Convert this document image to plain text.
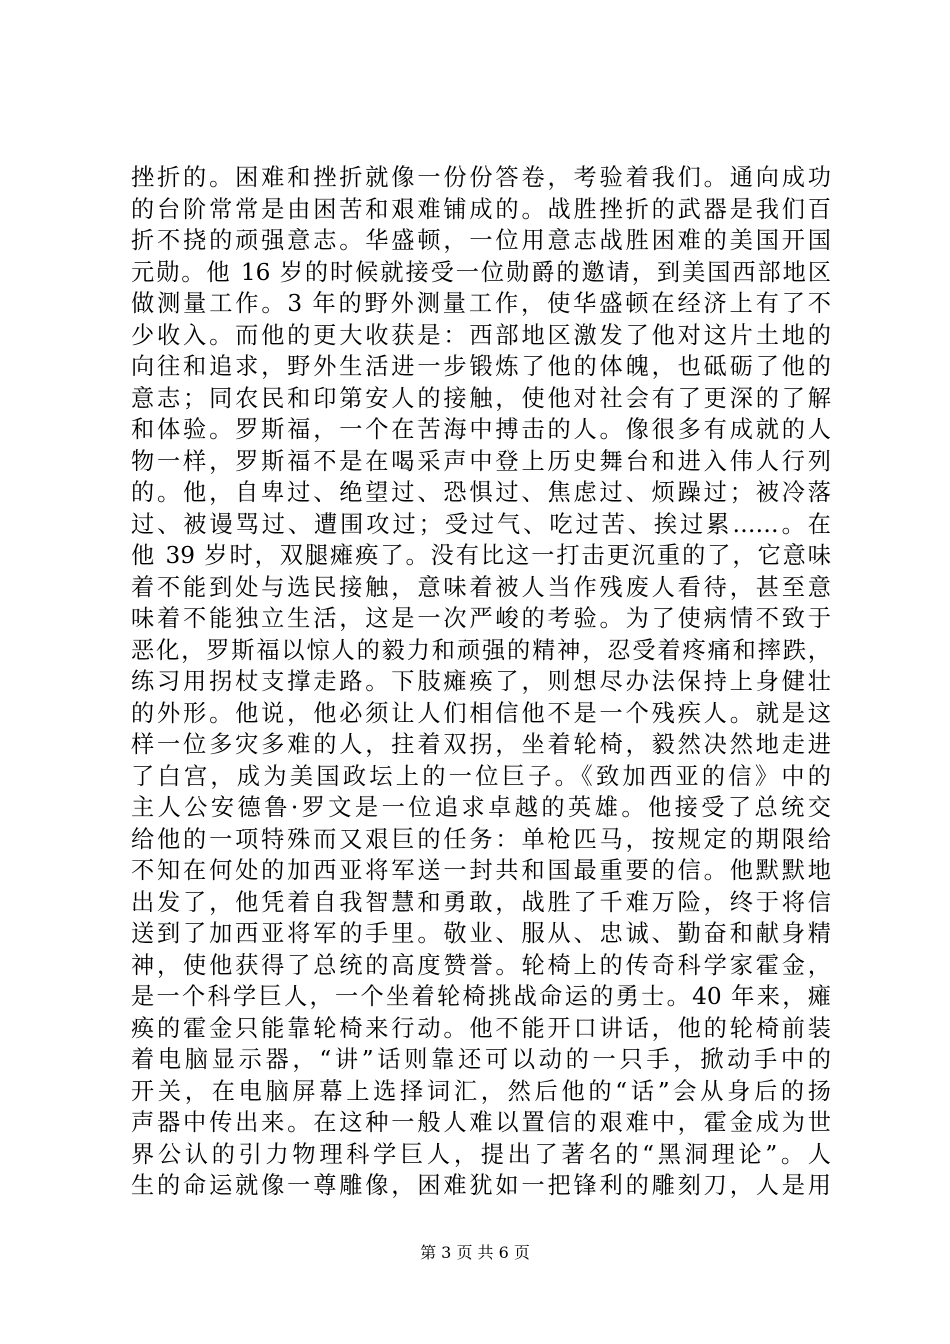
挫折的。困难和挫折就像一份份答卷，考验着我们。通向成功
的台阶常常是由困苦和艰难铺成的。战胜挫折的武器是我们百
折不挠的顽强意志。华盛顿，一位用意志战胜困难的美国开国
元勋。他 16 岁的时候就接受一位勋爵的邀请，到美国西部地区
做测量工作。3 年的野外测量工作，使华盛顿在经济上有了不
少收入。而他的更大收获是：西部地区激发了他对这片土地的
向往和追求，野外生活进一步锻炼了他的体魄，也砥砺了他的
意志；同农民和印第安人的接触，使他对社会有了更深的了解
和体验。罗斯福，一个在苦海中搏击的人。像很多有成就的人
物一样，罗斯福不是在喝采声中登上历史舞台和进入伟人行列
的。他，自卑过、绝望过、恐惧过、焦虑过、烦躁过；被冷落
过、被谩骂过、遭围攻过；受过气、吃过苦、挨过累……。在
他 39 岁时，双腿瘫痪了。没有比这一打击更沉重的了，它意味
着不能到处与选民接触，意味着被人当作残废人看待，甚至意
味着不能独立生活，这是一次严峻的考验。为了使病情不致于
恶化，罗斯福以惊人的毅力和顽强的精神，忍受着疼痛和摔跌，
练习用拐杖支撑走路。下肢瘫痪了，则想尽办法保持上身健壮
的外形。他说，他必须让人们相信他不是一个残疾人。就是这
样一位多灾多难的人，拄着双拐，坐着轮椅，毅然决然地走进
了白宫，成为美国政坛上的一位巨子。《致加西亚的信》中的
主人公安德鲁·罗文是一位追求卓越的英雄。他接受了总统交
给他的一项特殊而又艰巨的任务：单枪匹马，按规定的期限给
不知在何处的加西亚将军送一封共和国最重要的信。他默默地
出发了，他凭着自我智慧和勇敢，战胜了千难万险，终于将信
送到了加西亚将军的手里。敬业、服从、忠诚、勤奋和献身精
神，使他获得了总统的高度赞誉。轮椅上的传奇科学家霍金，
是一个科学巨人，一个坐着轮椅挑战命运的勇士。40 年来，瘫
痪的霍金只能靠轮椅来行动。他不能开口讲话，他的轮椅前装
着电脑显示器，“讲”话则靠还可以动的一只手，掀动手中的
开关，在电脑屏幕上选择词汇，然后他的“话”会从身后的扬
声器中传出来。在这种一般人难以置信的艰难中，霍金成为世
界公认的引力物理科学巨人，提出了著名的“黑洞理论”。人
生的命运就像一尊雕像，困难犹如一把锋利的雕刻刀，人是用
第 3 页 共 6 页
